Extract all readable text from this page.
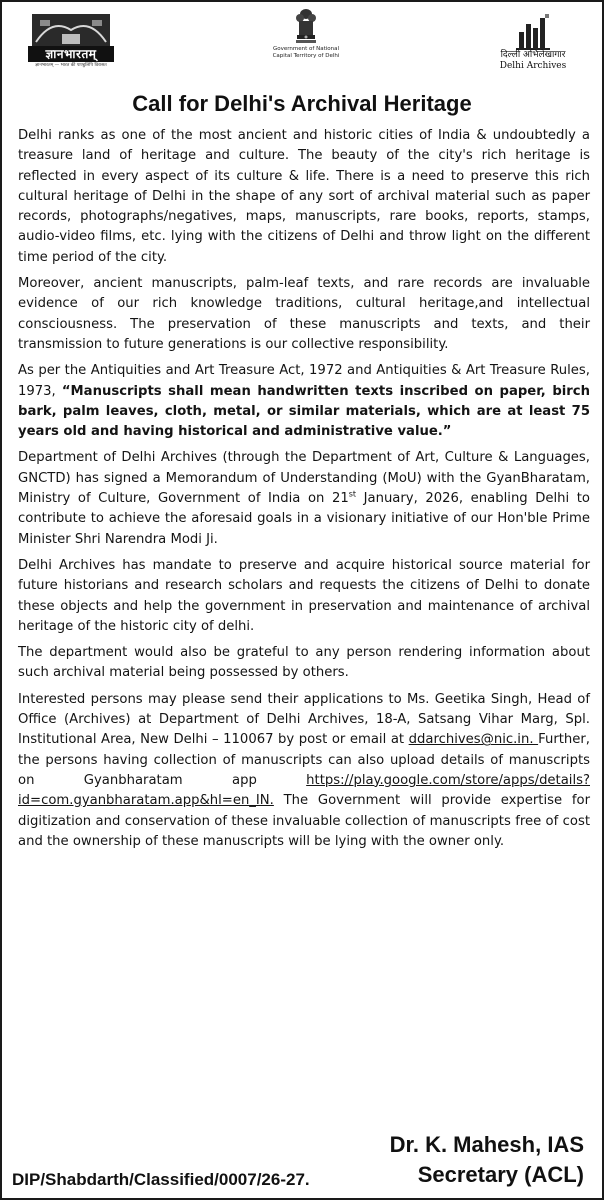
ज्ञानभारतम्
ज्ञानभारतम् — भारत की पाण्डुलिपि विरासत
Government of National
Capital Territory of Delhi	दिल्ली अभिलेखागार
Delhi Archives
Call for Delhi's Archival Heritage

Delhi ranks as one of the most ancient and historic cities of India & undoubtedly a treasure land of heritage and culture. The beauty of the city's rich heritage is reflected in every aspect of its culture & life. There is a need to preserve this rich cultural heritage of Delhi in the shape of any sort of archival material such as paper records, photographs/negatives, maps, manuscripts, rare books, reports, stamps, audio-video films, etc. lying with the citizens of Delhi and throw light on the different time period of the city.

Moreover, ancient manuscripts, palm-leaf texts, and rare records are invaluable evidence of our rich knowledge traditions, cultural heritage,and intellectual consciousness. The preservation of these manuscripts and texts, and their transmission to future generations is our collective responsibility.

As per the Antiquities and Art Treasure Act, 1972 and Antiquities & Art Treasure Rules, 1973, “Manuscripts shall mean handwritten texts inscribed on paper, birch bark, palm leaves, cloth, metal, or similar materials, which are at least 75 years old and having historical and administrative value.”

Department of Delhi Archives (through the Department of Art, Culture & Languages, GNCTD) has signed a Memorandum of Understanding (MoU) with the GyanBharatam, Ministry of Culture, Government of India on 21st January, 2026, enabling Delhi to contribute to achieve the aforesaid goals in a visionary initiative of our Hon'ble Prime Minister Shri Narendra Modi Ji.

Delhi Archives has mandate to preserve and acquire historical source material for future historians and research scholars and requests the citizens of Delhi to donate these objects and help the government in preservation and maintenance of archival heritage of the historic city of delhi.

The department would also be grateful to any person rendering information about such archival material being possessed by others.

Interested persons may please send their applications to Ms. Geetika Singh, Head of Office (Archives) at Department of Delhi Archives, 18-A, Satsang Vihar Marg, Spl. Institutional Area, New Delhi – 110067 by post or email at ddarchives@nic.in. Further, the persons having collection of manuscripts can also upload details of manuscripts on Gyanbharatam app https://play.google.com/store/apps/details?id=com.gyanbharatam.app&hl=en_IN. The Government will provide expertise for digitization and conservation of these invaluable collection of manuscripts free of cost and the ownership of these manuscripts will be lying with the owner only.

Dr. K. Mahesh, IAS
Secretary (ACL)
DIP/Shabdarth/Classified/0007/26-27.
